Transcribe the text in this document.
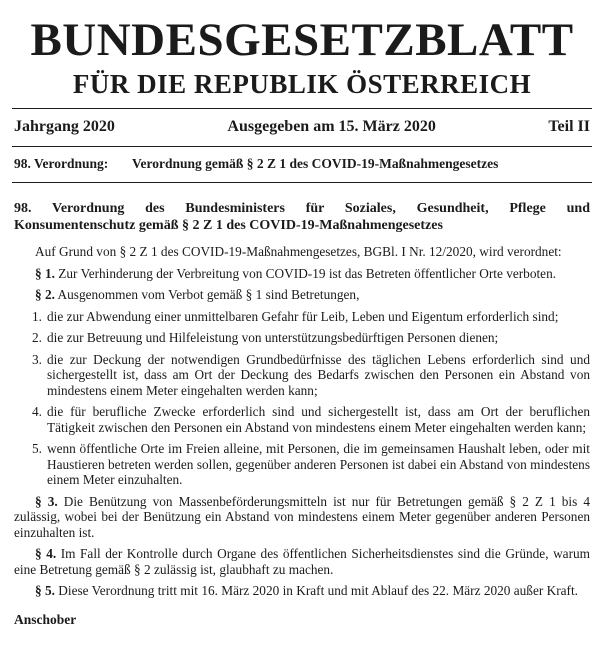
BUNDESGESETZBLATT
FÜR DIE REPUBLIK ÖSTERREICH
Jahrgang 2020	Ausgegeben am 15. März 2020	Teil II
98. Verordnung:	Verordnung gemäß § 2 Z 1 des COVID-19-Maßnahmengesetzes
98. Verordnung des Bundesministers für Soziales, Gesundheit, Pflege und
Konsumentenschutz gemäß § 2 Z 1 des COVID-19-Maßnahmengesetzes

Auf Grund von § 2 Z 1 des COVID-19-Maßnahmengesetzes, BGBl. I Nr. 12/2020, wird verordnet:

§ 1. Zur Verhinderung der Verbreitung von COVID-19 ist das Betreten öffentlicher Orte verboten.

§ 2. Ausgenommen vom Verbot gemäß § 1 sind Betretungen,

1. die zur Abwendung einer unmittelbaren Gefahr für Leib, Leben und Eigentum erforderlich sind;

2. die zur Betreuung und Hilfeleistung von unterstützungsbedürftigen Personen dienen;

3. die zur Deckung der notwendigen Grundbedürfnisse des täglichen Lebens erforderlich sind und sichergestellt ist, dass am Ort der Deckung des Bedarfs zwischen den Personen ein Abstand von mindestens einem Meter eingehalten werden kann;

4. die für berufliche Zwecke erforderlich sind und sichergestellt ist, dass am Ort der beruflichen Tätigkeit zwischen den Personen ein Abstand von mindestens einem Meter eingehalten werden kann;

5. wenn öffentliche Orte im Freien alleine, mit Personen, die im gemeinsamen Haushalt leben, oder mit Haustieren betreten werden sollen, gegenüber anderen Personen ist dabei ein Abstand von mindestens einem Meter einzuhalten.

§ 3. Die Benützung von Massenbeförderungsmitteln ist nur für Betretungen gemäß § 2 Z 1 bis 4 zulässig, wobei bei der Benützung ein Abstand von mindestens einem Meter gegenüber anderen Personen einzuhalten ist.

§ 4. Im Fall der Kontrolle durch Organe des öffentlichen Sicherheitsdienstes sind die Gründe, warum eine Betretung gemäß § 2 zulässig ist, glaubhaft zu machen.

§ 5. Diese Verordnung tritt mit 16. März 2020 in Kraft und mit Ablauf des 22. März 2020 außer Kraft.

Anschober
